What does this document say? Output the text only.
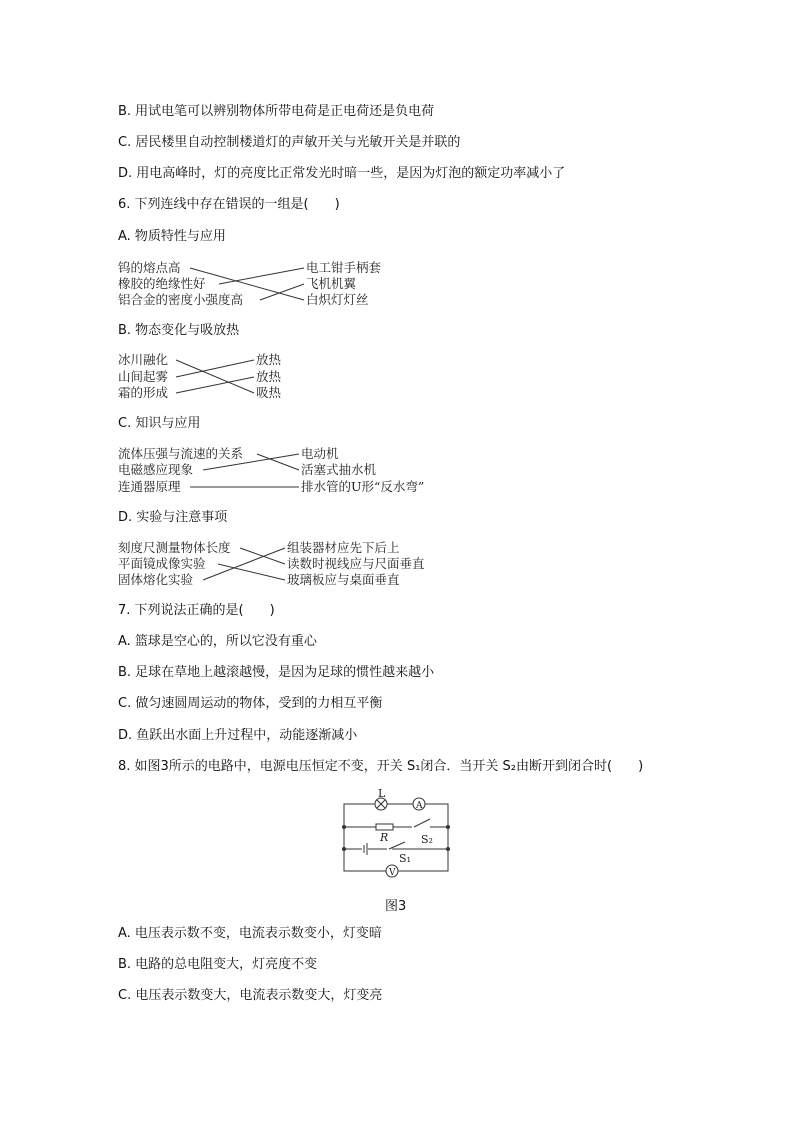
B. 用试电笔可以辨别物体所带电荷是正电荷还是负电荷
C. 居民楼里自动控制楼道灯的声敏开关与光敏开关是并联的
D. 用电高峰时，灯的亮度比正常发光时暗一些，是因为灯泡的额定功率减小了
6. 下列连线中存在错误的一组是(　　)
A. 物质特性与应用
钨的熔点高
橡胶的绝缘性好
铝合金的密度小强度高
电工钳手柄套
飞机机翼
白炽灯灯丝
B. 物态变化与吸放热
冰川融化
山间起雾
霜的形成
放热
放热
吸热
C. 知识与应用
流体压强与流速的关系
电磁感应现象
连通器原理
电动机
活塞式抽水机
排水管的U形“反水弯”
D. 实验与注意事项
刻度尺测量物体长度
平面镜成像实验
固体熔化实验
组装器材应先下后上
读数时视线应与尺面垂直
玻璃板应与桌面垂直
7. 下列说法正确的是(　　)
A. 篮球是空心的，所以它没有重心
B. 足球在草地上越滚越慢，是因为足球的惯性越来越小
C. 做匀速圆周运动的物体，受到的力相互平衡
D. 鱼跃出水面上升过程中，动能逐渐减小
8. 如图3所示的电路中，电源电压恒定不变，开关 S₁闭合．当开关 S₂由断开到闭合时(　　)
L
A
R	S₂
S₁
V
图3
A. 电压表示数不变，电流表示数变小，灯变暗
B. 电路的总电阻变大，灯亮度不变
C. 电压表示数变大，电流表示数变大，灯变亮
